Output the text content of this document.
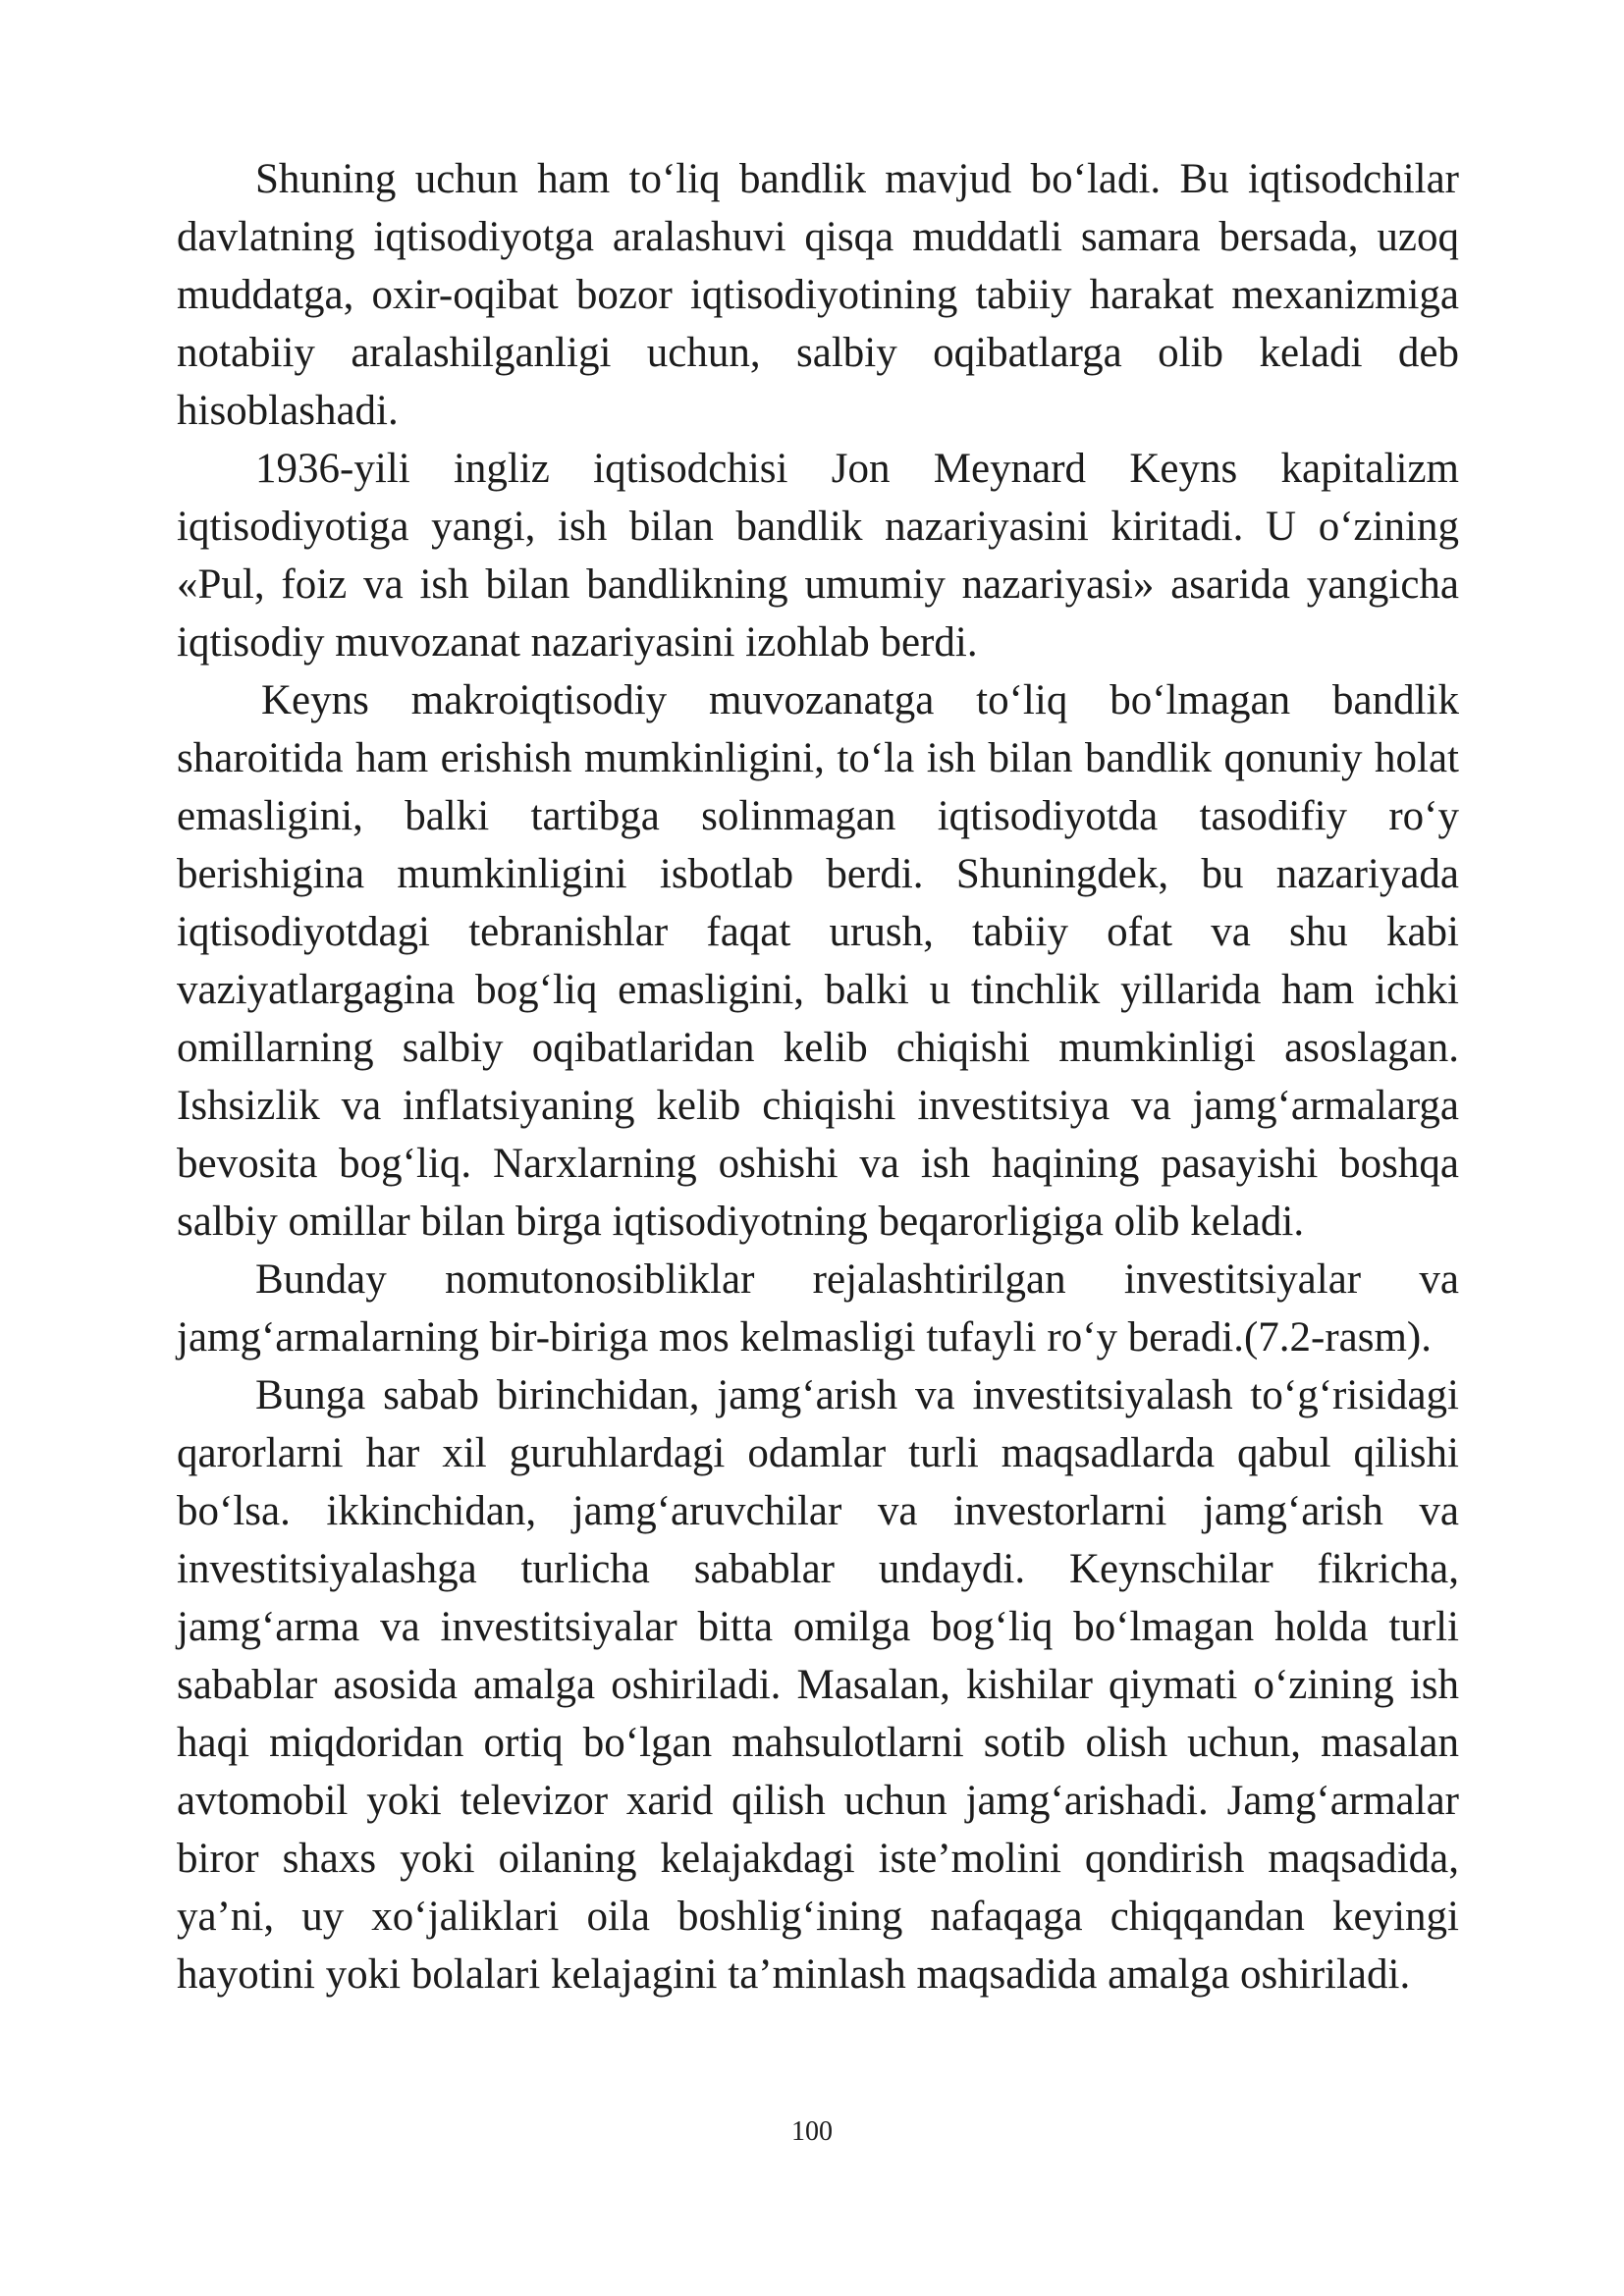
Shuning uchun ham to‘liq bandlik mavjud bo‘ladi. Bu iqtisodchilar davlatning iqtisodiyotga aralashuvi qisqa muddatli samara bersada, uzoq muddatga, oxir-oqibat bozor iqtisodiyotining tabiiy harakat mexanizmiga notabiiy aralashilganligi uchun, salbiy oqibatlarga olib keladi deb hisoblashadi.

1936-yili ingliz iqtisodchisi Jon Meynard Keyns kapitalizm iqtisodiyotiga yangi, ish bilan bandlik nazariyasini kiritadi. U o‘zining «Pul, foiz va ish bilan bandlikning umumiy nazariyasi» asarida yangicha iqtisodiy muvozanat nazariyasini izohlab berdi.

Keyns makroiqtisodiy muvozanatga to‘liq bo‘lmagan bandlik sharoitida ham erishish mumkinligini, to‘la ish bilan bandlik qonuniy holat emasligini, balki tartibga solinmagan iqtisodiyotda tasodifiy ro‘y berishigina mumkinligini isbotlab berdi. Shuningdek, bu nazariyada iqtisodiyotdagi tebranishlar faqat urush, tabiiy ofat va shu kabi vaziyatlargagina bog‘liq emasligini, balki u tinchlik yillarida ham ichki omillarning salbiy oqibatlaridan kelib chiqishi mumkinligi asoslagan. Ishsizlik va inflatsiyaning kelib chiqishi investitsiya va jamg‘armalarga bevosita bog‘liq. Narxlarning oshishi va ish haqining pasayishi boshqa salbiy omillar bilan birga iqtisodiyotning beqarorligiga olib keladi.

Bunday nomutonosibliklar rejalashtirilgan investitsiyalar va jamg‘armalarning bir-biriga mos kelmasligi tufayli ro‘y beradi.(7.2-rasm).

Bunga sabab birinchidan, jamg‘arish va investitsiyalash to‘g‘risidagi qarorlarni har xil guruhlardagi odamlar turli maqsadlarda qabul qilishi bo‘lsa. ikkinchidan, jamg‘aruvchilar va investorlarni jamg‘arish va investitsiyalashga turlicha sabablar undaydi. Keynschilar fikricha, jamg‘arma va investitsiyalar bitta omilga bog‘liq bo‘lmagan holda turli sabablar asosida amalga oshiriladi. Masalan, kishilar qiymati o‘zining ish haqi miqdoridan ortiq bo‘lgan mahsulotlarni sotib olish uchun, masalan avtomobil yoki televizor xarid qilish uchun jamg‘arishadi. Jamg‘armalar biror shaxs yoki oilaning kelajakdagi iste’molini qondirish maqsadida, ya’ni, uy xo‘jaliklari oila boshlig‘ining nafaqaga chiqqandan keyingi hayotini yoki bolalari kelajagini ta’minlash maqsadida amalga oshiriladi.

100
